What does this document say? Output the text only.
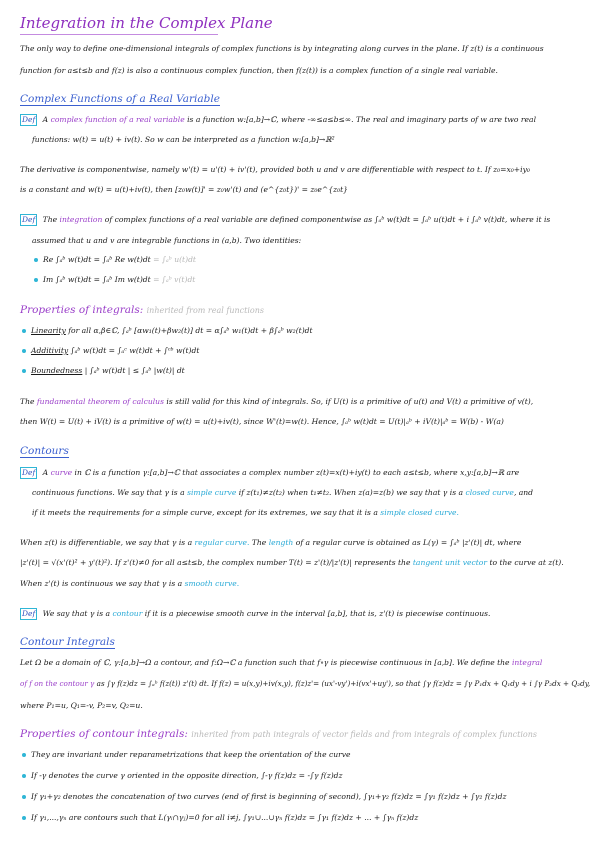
Integration in the Complex Plane
The only way to define one-dimensional integrals of complex functions is by integrating along curves in the plane. If z(t) is a continuous
function for a≤t≤b and f(z) is also a continuous complex function, then f(z(t)) is a complex function of a single real variable.
Complex Functions of a Real Variable
Def A complex function of a real variable is a function w:[a,b]→ℂ, where -∞≤a≤b≤∞. The real and imaginary parts of w are two real
functions: w(t) = u(t) + iv(t). So w can be interpreted as a function w:[a,b]→ℝ²
The derivative is componentwise, namely w'(t) = u'(t) + iv'(t), provided both u and v are differentiable with respect to t. If z₀=x₀+iy₀
is a constant and w(t) = u(t)+iv(t), then [z₀w(t)]' = z₀w'(t) and (e^{z₀t})' = z₀e^{z₀t}
Def The integration of complex functions of a real variable are defined componentwise as ∫ₐᵇ w(t)dt = ∫ₐᵇ u(t)dt + i ∫ₐᵇ v(t)dt, where it is
assumed that u and v are integrable functions in (a,b). Two identities:
Re ∫ₐᵇ w(t)dt = ∫ₐᵇ Re w(t)dt = ∫ₐᵇ u(t)dt
Im ∫ₐᵇ w(t)dt = ∫ₐᵇ Im w(t)dt = ∫ₐᵇ v(t)dt
Properties of integrals: inherited from real functions
Linearity for all α,β∈ℂ, ∫ₐᵇ [αw₁(t)+βw₂(t)] dt = α∫ₐᵇ w₁(t)dt + β∫ₐᵇ w₂(t)dt
Additivity ∫ₐᵇ w(t)dt = ∫ₐᶜ w(t)dt + ∫ᶜᵇ w(t)dt
Boundedness | ∫ₐᵇ w(t)dt | ≤ ∫ₐᵇ |w(t)| dt
The fundamental theorem of calculus is still valid for this kind of integrals. So, if U(t) is a primitive of u(t) and V(t) a primitive of v(t),
then W(t) = U(t) + iV(t) is a primitive of w(t) = u(t)+iv(t), since W'(t)=w(t). Hence, ∫ₐᵇ w(t)dt = U(t)|ₐᵇ + iV(t)|ₐᵇ = W(b) - W(a)
Contours
Def A curve in ℂ is a function γ:[a,b]→ℂ that associates a complex number z(t)=x(t)+iy(t) to each a≤t≤b, where x,y:[a,b]→ℝ are
continuous functions. We say that γ is a simple curve if z(t₁)≠z(t₂) when t₁≠t₂. When z(a)=z(b) we say that γ is a closed curve, and
if it meets the requirements for a simple curve, except for its extremes, we say that it is a simple closed curve.
When z(t) is differentiable, we say that γ is a regular curve. The length of a regular curve is obtained as L(γ) = ∫ₐᵇ |z'(t)| dt, where
|z'(t)| = √(x'(t)² + y'(t)²). If z'(t)≠0 for all a≤t≤b, the complex number T(t) = z'(t)/|z'(t)| represents the tangent unit vector to the curve at z(t).
When z'(t) is continuous we say that γ is a smooth curve.
Def We say that γ is a contour if it is a piecewise smooth curve in the interval [a,b], that is, z'(t) is piecewise continuous.
Contour Integrals
Let Ω be a domain of ℂ, γ:[a,b]→Ω a contour, and f:Ω→ℂ a function such that f∘γ is piecewise continuous in [a,b]. We define the integral
of f on the contour γ as ∫γ f(z)dz = ∫ₐᵇ f(z(t)) z'(t) dt. If f(z) = u(x,y)+iv(x,y), f(z)z'= (ux'-vy')+i(vx'+uy'), so that ∫γ f(z)dz = ∫γ P₁dx + Q₁dy + i ∫γ P₂dx + Q₂dy,
where P₁=u, Q₁=-v, P₂=v, Q₂=u.
Properties of contour integrals: inherited from path integrals of vector fields and from integrals of complex functions
They are invariant under reparametrizations that keep the orientation of the curve
If -γ denotes the curve γ oriented in the opposite direction, ∫-γ f(z)dz = -∫γ f(z)dz
If γ₁+γ₂ denotes the concatenation of two curves (end of first is beginning of second), ∫γ₁+γ₂ f(z)dz = ∫γ₁ f(z)dz + ∫γ₂ f(z)dz
If γ₁,...,γₙ are contours such that L(γᵢ∩γⱼ)=0 for all i≠j, ∫γ₁∪...∪γₙ f(z)dz = ∫γ₁ f(z)dz + ... + ∫γₙ f(z)dz
